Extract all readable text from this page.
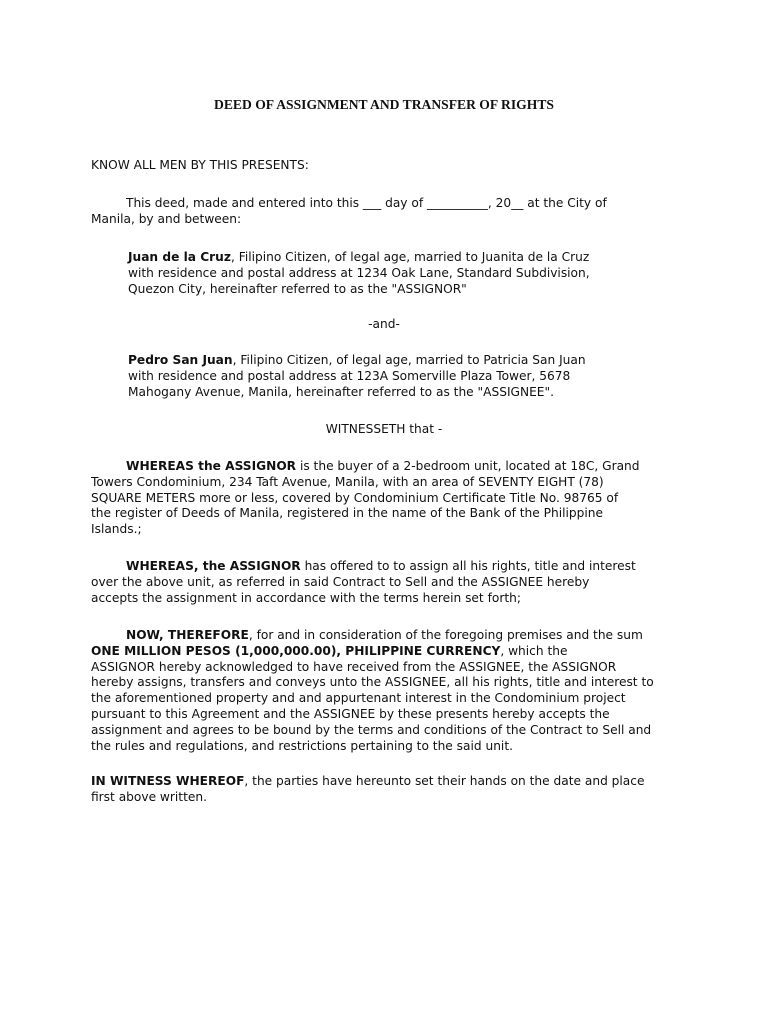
DEED OF ASSIGNMENT AND TRANSFER OF RIGHTS
KNOW ALL MEN BY THIS PRESENTS:
This deed, made and entered into this ___ day of __________, 20__ at the City of
Manila, by and between:
Juan de la Cruz, Filipino Citizen, of legal age, married to Juanita de la Cruz
with residence and postal address at 1234 Oak Lane, Standard Subdivision,
Quezon City, hereinafter referred to as the "ASSIGNOR"
-and-
Pedro San Juan, Filipino Citizen, of legal age, married to Patricia San Juan
with residence and postal address at 123A Somerville Plaza Tower, 5678
Mahogany Avenue, Manila, hereinafter referred to as the "ASSIGNEE".
WITNESSETH that -
WHEREAS the ASSIGNOR is the buyer of a 2-bedroom unit, located at 18C, Grand
Towers Condominium, 234 Taft Avenue, Manila, with an area of SEVENTY EIGHT (78)
SQUARE METERS more or less, covered by Condominium Certificate Title No. 98765 of
the register of Deeds of Manila, registered in the name of the Bank of the Philippine
Islands.;
WHEREAS, the ASSIGNOR has offered to to assign all his rights, title and interest
over the above unit, as referred in said Contract to Sell and the ASSIGNEE hereby
accepts the assignment in accordance with the terms herein set forth;
NOW, THEREFORE, for and in consideration of the foregoing premises and the sum
ONE MILLION PESOS (1,000,000.00), PHILIPPINE CURRENCY, which the
ASSIGNOR hereby acknowledged to have received from the ASSIGNEE, the ASSIGNOR
hereby assigns, transfers and conveys unto the ASSIGNEE, all his rights, title and interest to
the aforementioned property and and appurtenant interest in the Condominium project
pursuant to this Agreement and the ASSIGNEE by these presents hereby accepts the
assignment and agrees to be bound by the terms and conditions of the Contract to Sell and
the rules and regulations, and restrictions pertaining to the said unit.
IN WITNESS WHEREOF, the parties have hereunto set their hands on the date and place
first above written.
